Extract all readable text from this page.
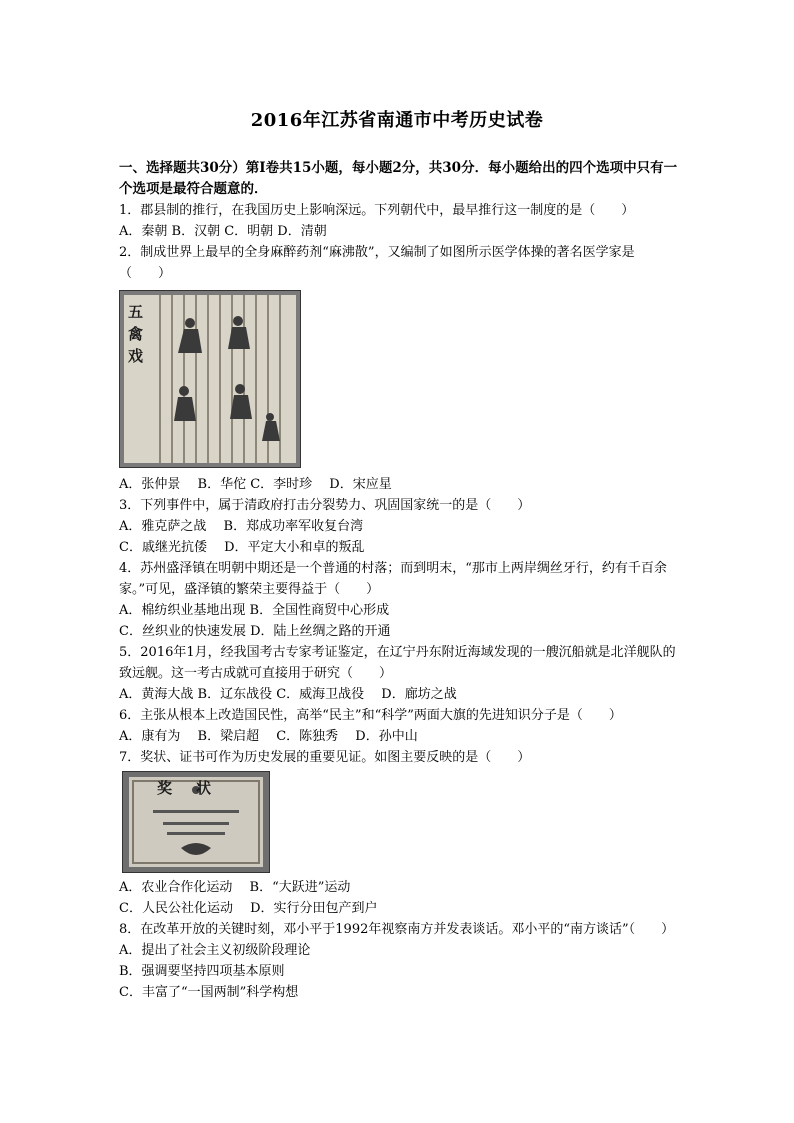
2016年江苏省南通市中考历史试卷
一、选择题共30分）第Ⅰ卷共15小题，每小题2分，共30分．每小题给出的四个选项中只有一个选项是最符合题意的．
1．郡县制的推行，在我国历史上影响深远。下列朝代中，最早推行这一制度的是（　　）
A．秦朝 B．汉朝 C．明朝 D．清朝
2．制成世界上最早的全身麻醉药剂“麻沸散”，又编制了如图所示医学体操的著名医学家是（　　）
五禽戏
A．张仲景　 B．华佗 C．李时珍　 D．宋应星
3．下列事件中，属于清政府打击分裂势力、巩固国家统一的是（　　）
A．雅克萨之战　 B．郑成功率军收复台湾
C．戚继光抗倭　 D．平定大小和卓的叛乱
4．苏州盛泽镇在明朝中期还是一个普通的村落；而到明末，“那市上两岸绸丝牙行，约有千百余家。”可见，盛泽镇的繁荣主要得益于（　　）
A．棉纺织业基地出现 B．全国性商贸中心形成
C．丝织业的快速发展 D．陆上丝绸之路的开通
5．2016年1月，经我国考古专家考证鉴定，在辽宁丹东附近海域发现的一艘沉船就是北洋舰队的致远舰。这一考古成就可直接用于研究（　　）
A．黄海大战 B．辽东战役 C．威海卫战役　 D．廊坊之战
6．主张从根本上改造国民性，高举“民主”和“科学”两面大旗的先进知识分子是（　　）
A．康有为　 B．梁启超　 C．陈独秀　 D．孙中山
7．奖状、证书可作为历史发展的重要见证。如图主要反映的是（　　）
奖状
A．农业合作化运动　 B．“大跃进”运动
C．人民公社化运动　 D．实行分田包产到户
8．在改革开放的关键时刻，邓小平于1992年视察南方并发表谈话。邓小平的“南方谈话”（　　）
A．提出了社会主义初级阶段理论
B．强调要坚持四项基本原则
C．丰富了“一国两制”科学构想
